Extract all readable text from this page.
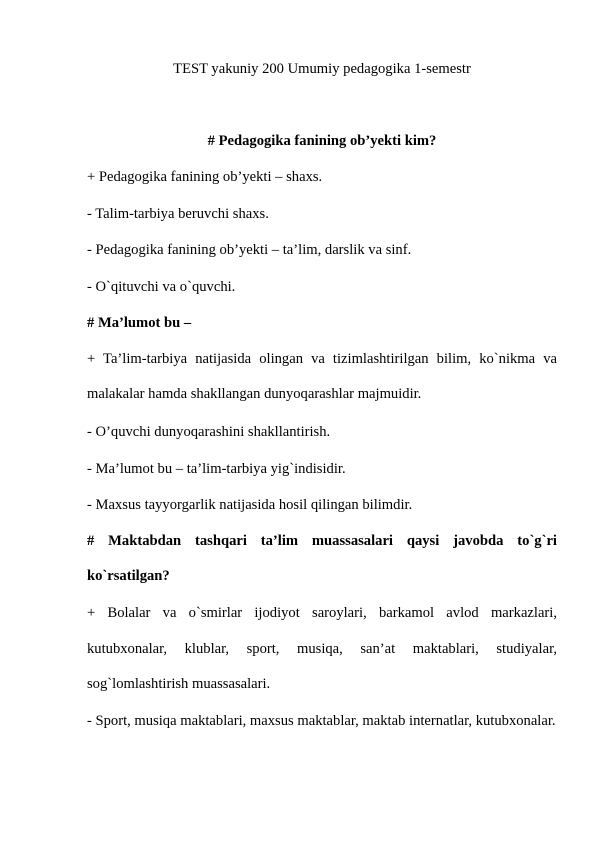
TEST yakuniy 200 Umumiy pedagogika 1-semestr
# Pedagogika fanining ob’yekti kim?

+ Pedagogika fanining ob’yekti – shaxs.

- Talim-tarbiya beruvchi shaxs.

- Pedagogika fanining ob’yekti – ta’lim, darslik va sinf.

- O`qituvchi va o`quvchi.

# Ma’lumot bu –

+ Ta’lim-tarbiya natijasida olingan va tizimlashtirilgan bilim, ko`nikma va malakalar hamda shakllangan dunyoqarashlar majmuidir.

- O’quvchi dunyoqarashini shakllantirish.

- Ma’lumot bu – ta’lim-tarbiya yig`indisidir.

- Maxsus tayyorgarlik natijasida hosil qilingan bilimdir.

# Maktabdan tashqari ta’lim muassasalari qaysi javobda to`g`ri ko`rsatilgan?

+ Bolalar va o`smirlar ijodiyot saroylari, barkamol avlod markazlari, kutubxonalar, klublar, sport, musiqa, san’at maktablari, studiyalar, sog`lomlashtirish muassasalari.

- Sport, musiqa maktablari, maxsus maktablar, maktab internatlar, kutubxonalar.
